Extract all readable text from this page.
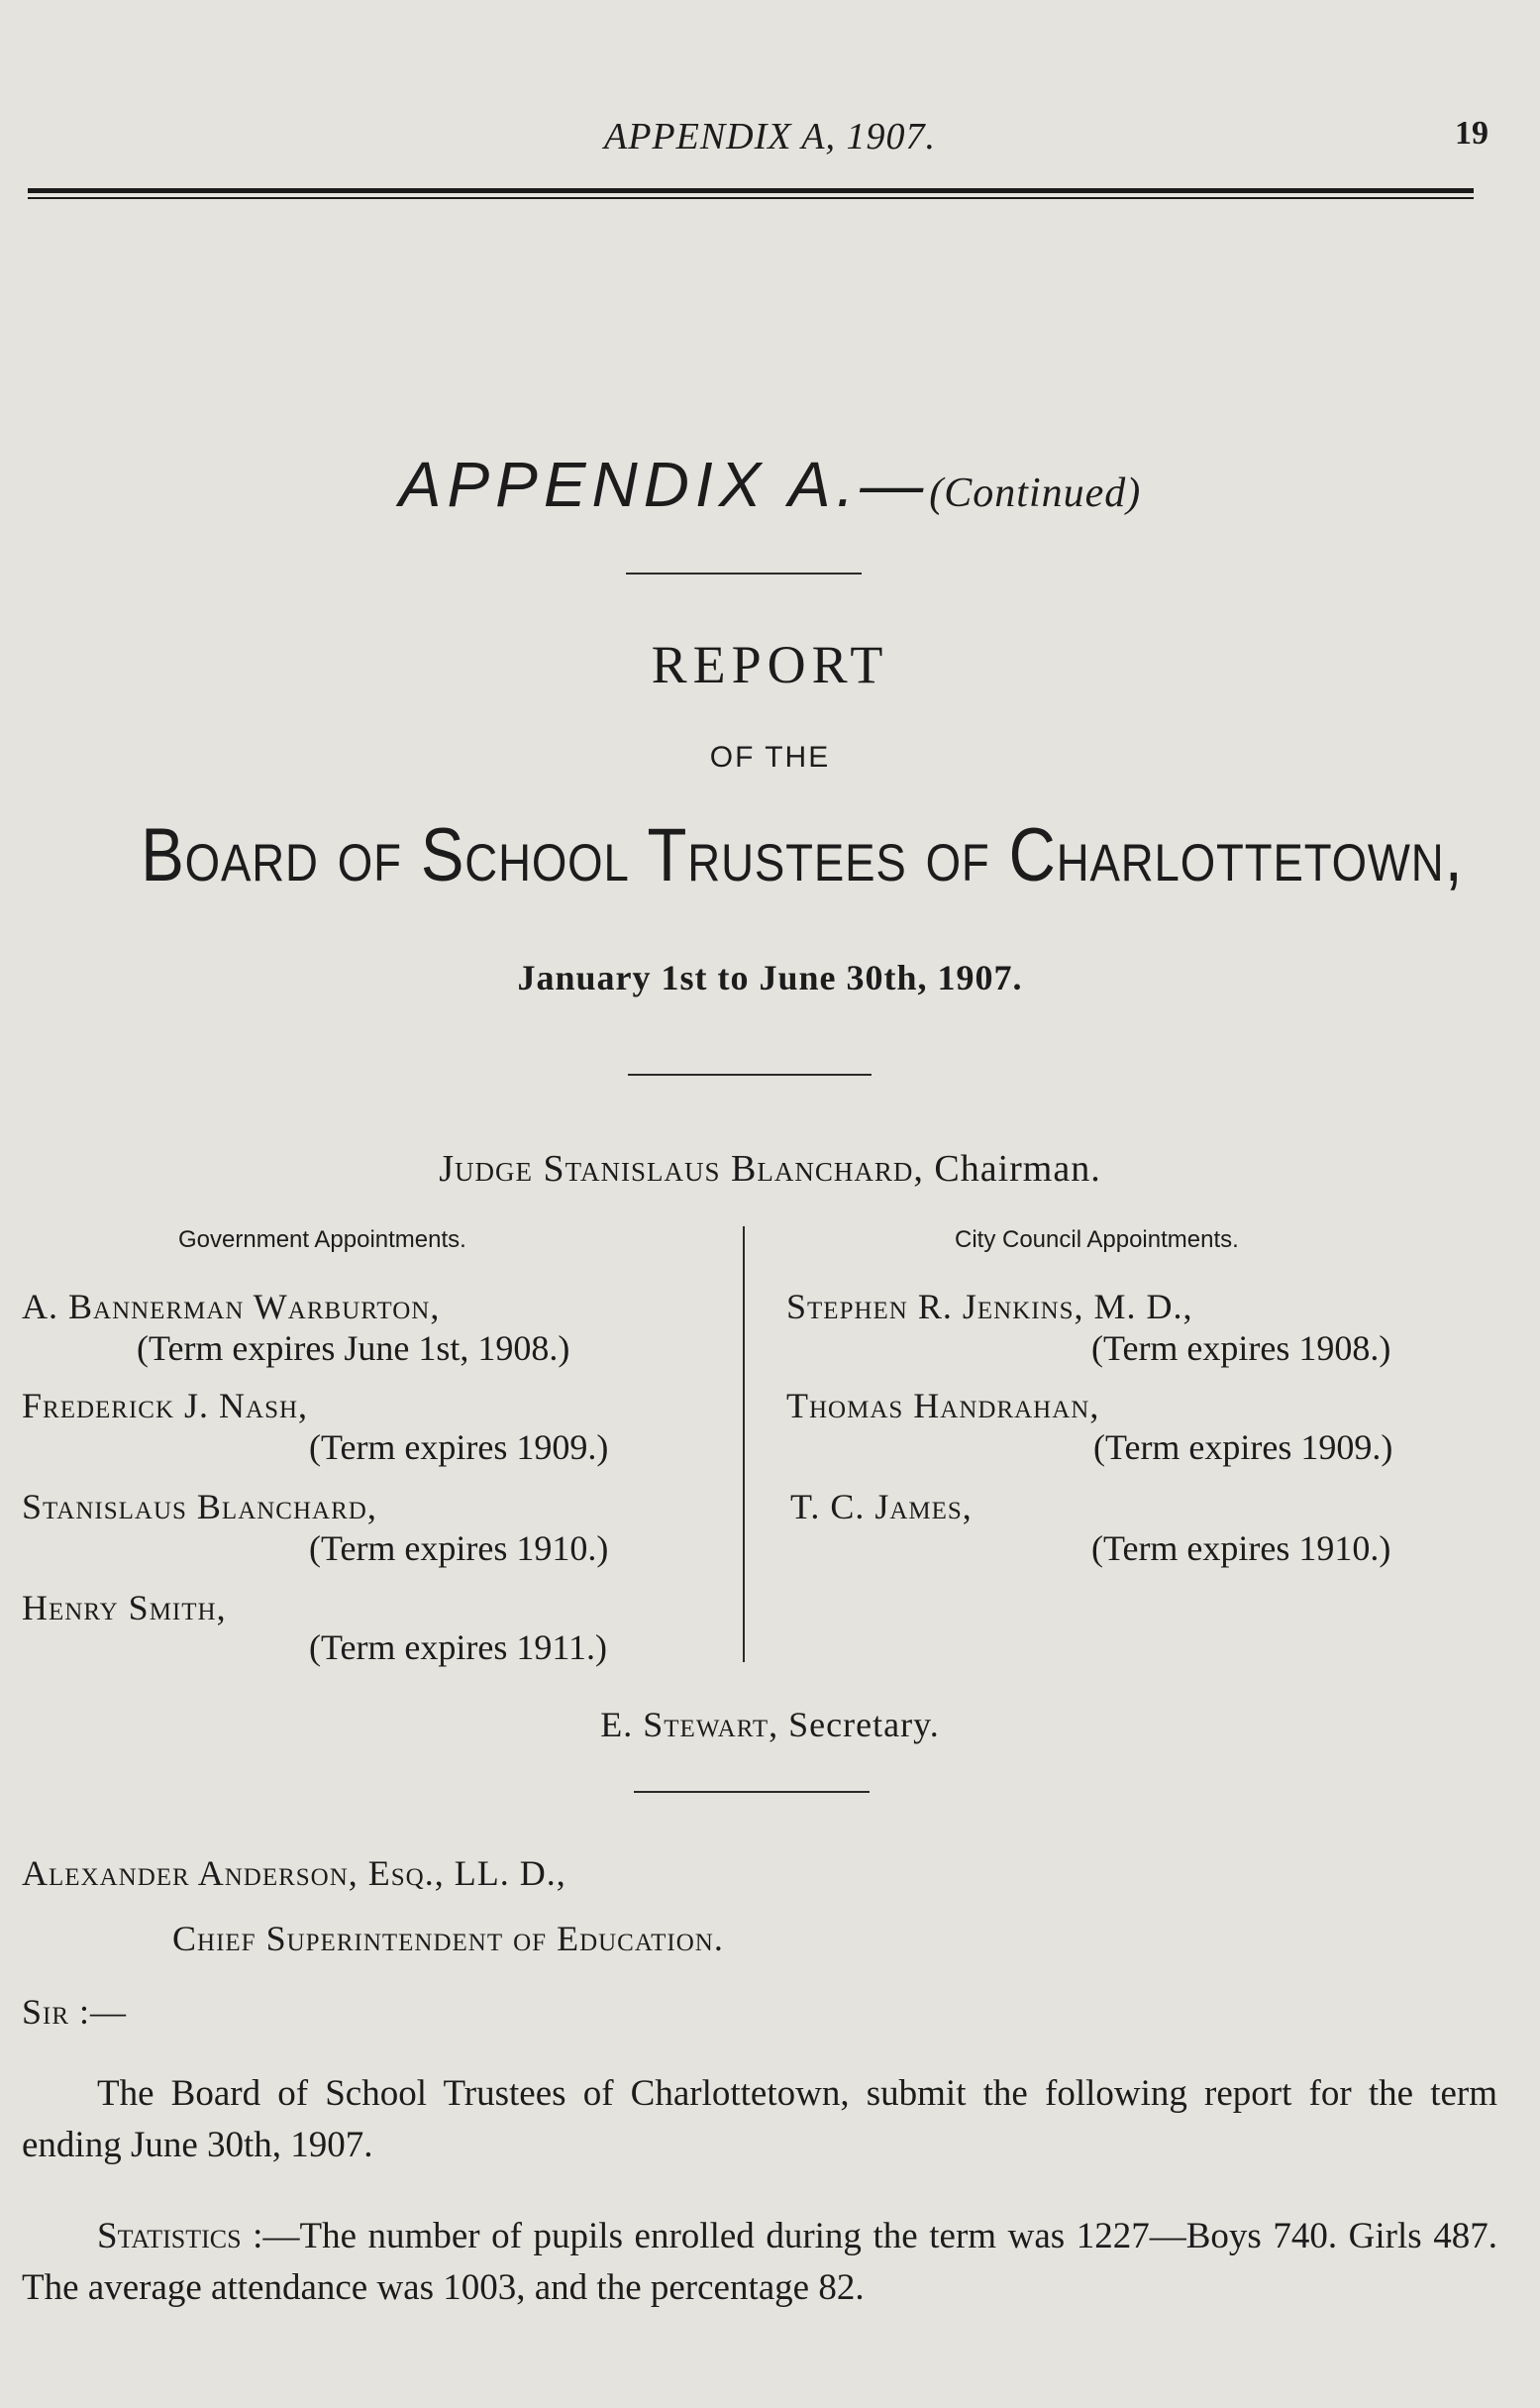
APPENDIX A, 1907.	19
APPENDIX A.—(Continued)
REPORT
OF THE
Board of School Trustees of Charlottetown,
January 1st to June 30th, 1907.
Judge Stanislaus Blanchard, Chairman.
Government Appointments.	City Council Appointments.
A. Bannerman Warburton,
(Term expires June 1st, 1908.)
Frederick J. Nash,
(Term expires 1909.)
Stanislaus Blanchard,
(Term expires 1910.)
Henry Smith,
(Term expires 1911.)
Stephen R. Jenkins, M. D.,
(Term expires 1908.)
Thomas Handrahan,
(Term expires 1909.)
T. C. James,
(Term expires 1910.)
E. Stewart, Secretary.
Alexander Anderson, Esq., LL. D.,
Chief Superintendent of Education.
Sir :—
The Board of School Trustees of Charlottetown, submit the following report for the term ending June 30th, 1907.
Statistics :—The number of pupils enrolled during the term was 1227—Boys 740. Girls 487. The average attendance was 1003, and the percentage 82.
